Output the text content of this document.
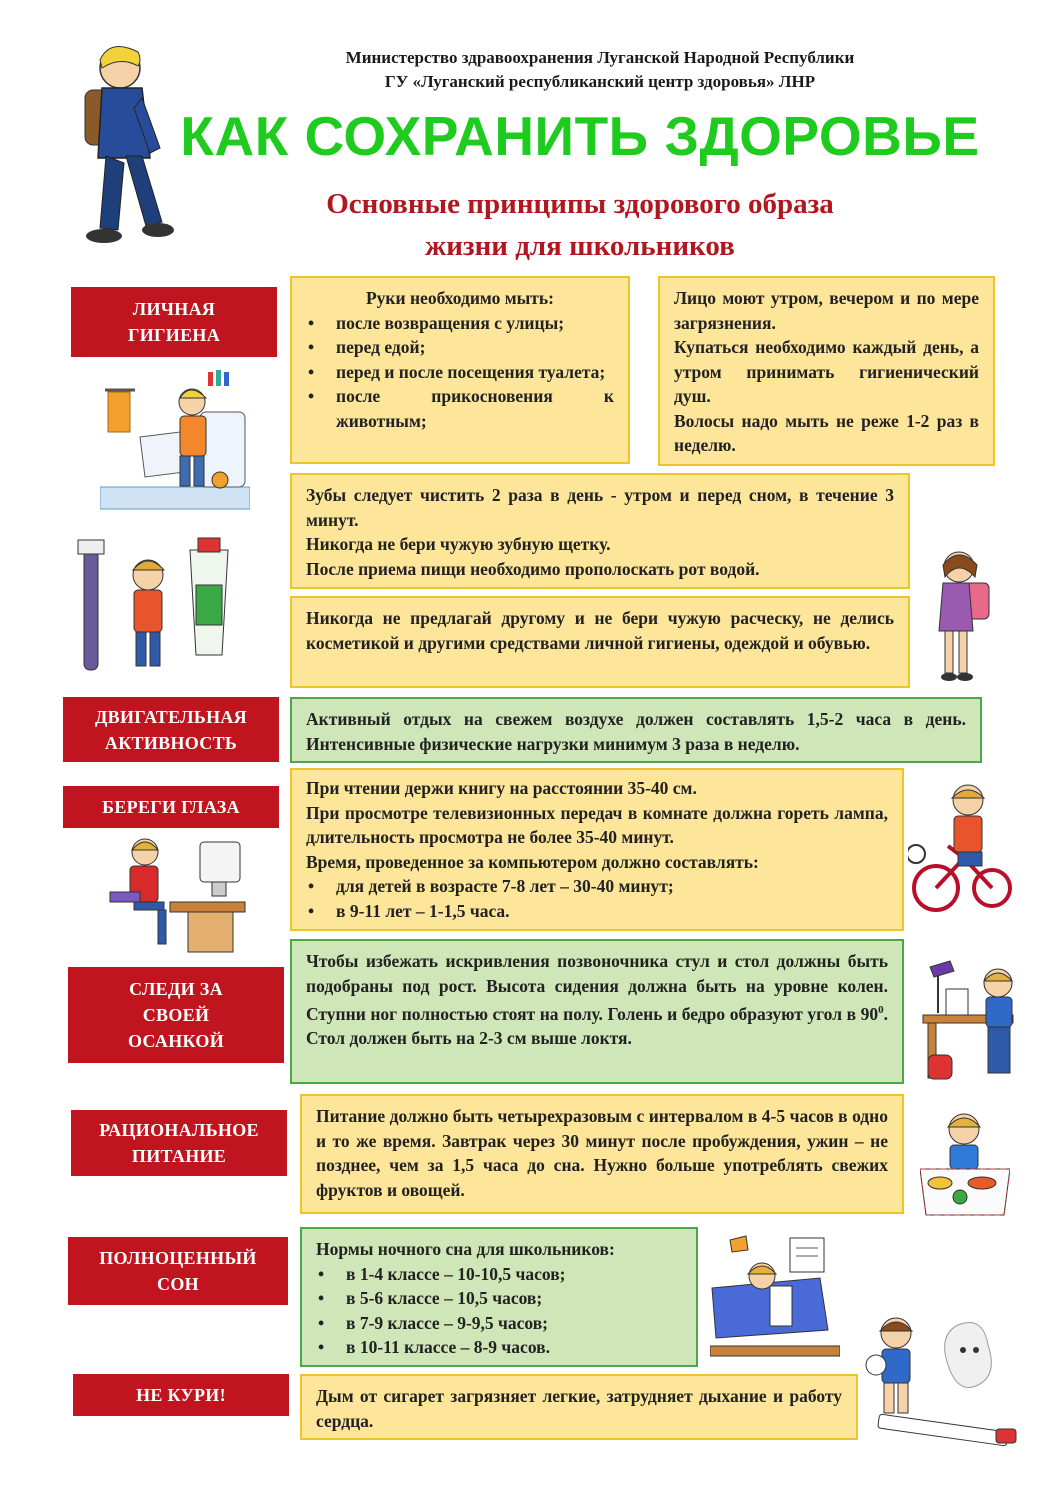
Министерство здравоохранения Луганской Народной Республики
ГУ «Луганский республиканский центр здоровья» ЛНР
КАК СОХРАНИТЬ ЗДОРОВЬЕ
Основные принципы здорового образа
жизни для школьников
ЛИЧНАЯ
ГИГИЕНА
ДВИГАТЕЛЬНАЯ
АКТИВНОСТЬ
БЕРЕГИ ГЛАЗА
СЛЕДИ ЗА
СВОЕЙ
ОСАНКОЙ
РАЦИОНАЛЬНОЕ
ПИТАНИЕ
ПОЛНОЦЕННЫЙ
СОН
НЕ КУРИ!

Руки необходимо мыть:

• после возвращения с улицы;
• перед едой;
• перед и после посещения туалета;
• после прикосновения к животным;

Лицо моют утром, вечером и по мере загрязнения.

Купаться необходимо каждый день, а утром принимать гигиенический душ.

Волосы надо мыть не реже 1-2 раз в неделю.

Зубы следует чистить 2 раза в день - утром и перед сном, в течение 3 минут.

Никогда не бери чужую зубную щетку.

После приема пищи необходимо прополоскать рот водой.

Никогда не предлагай другому и не бери чужую расческу, не делись косметикой и другими средствами личной гигиены, одеждой и обувью.

Активный отдых на свежем воздухе должен составлять 1,5-2 часа в день. Интенсивные физические нагрузки минимум 3 раза в неделю.

При чтении держи книгу на расстоянии 35-40 см.

При просмотре телевизионных передач в комнате должна гореть лампа, длительность просмотра не более 35-40 минут.

Время, проведенное за компьютером должно составлять:

• для детей в возрасте 7-8 лет – 30-40 минут;
• в 9-11 лет – 1-1,5 часа.

Чтобы избежать искривления позвоночника стул и стол должны быть подобраны под рост. Высота сидения должна быть на уровне колен. Ступни ног полностью стоят на полу. Голень и бедро образуют угол в $90^0$. Стол должен быть на 2-3 см выше локтя.

Питание должно быть четырехразовым с интервалом в 4-5 часов в одно и то же время. Завтрак через 30 минут после пробуждения, ужин – не позднее, чем за 1,5 часа до сна. Нужно больше употреблять свежих фруктов и овощей.

Нормы ночного сна для школьников:

• в 1-4 классе – 10-10,5 часов;
• в 5-6 классе – 10,5 часов;
• в 7-9 классе – 9-9,5 часов;
• в 10-11 классе – 8-9 часов.

Дым от сигарет загрязняет легкие, затрудняет дыхание и работу сердца.
